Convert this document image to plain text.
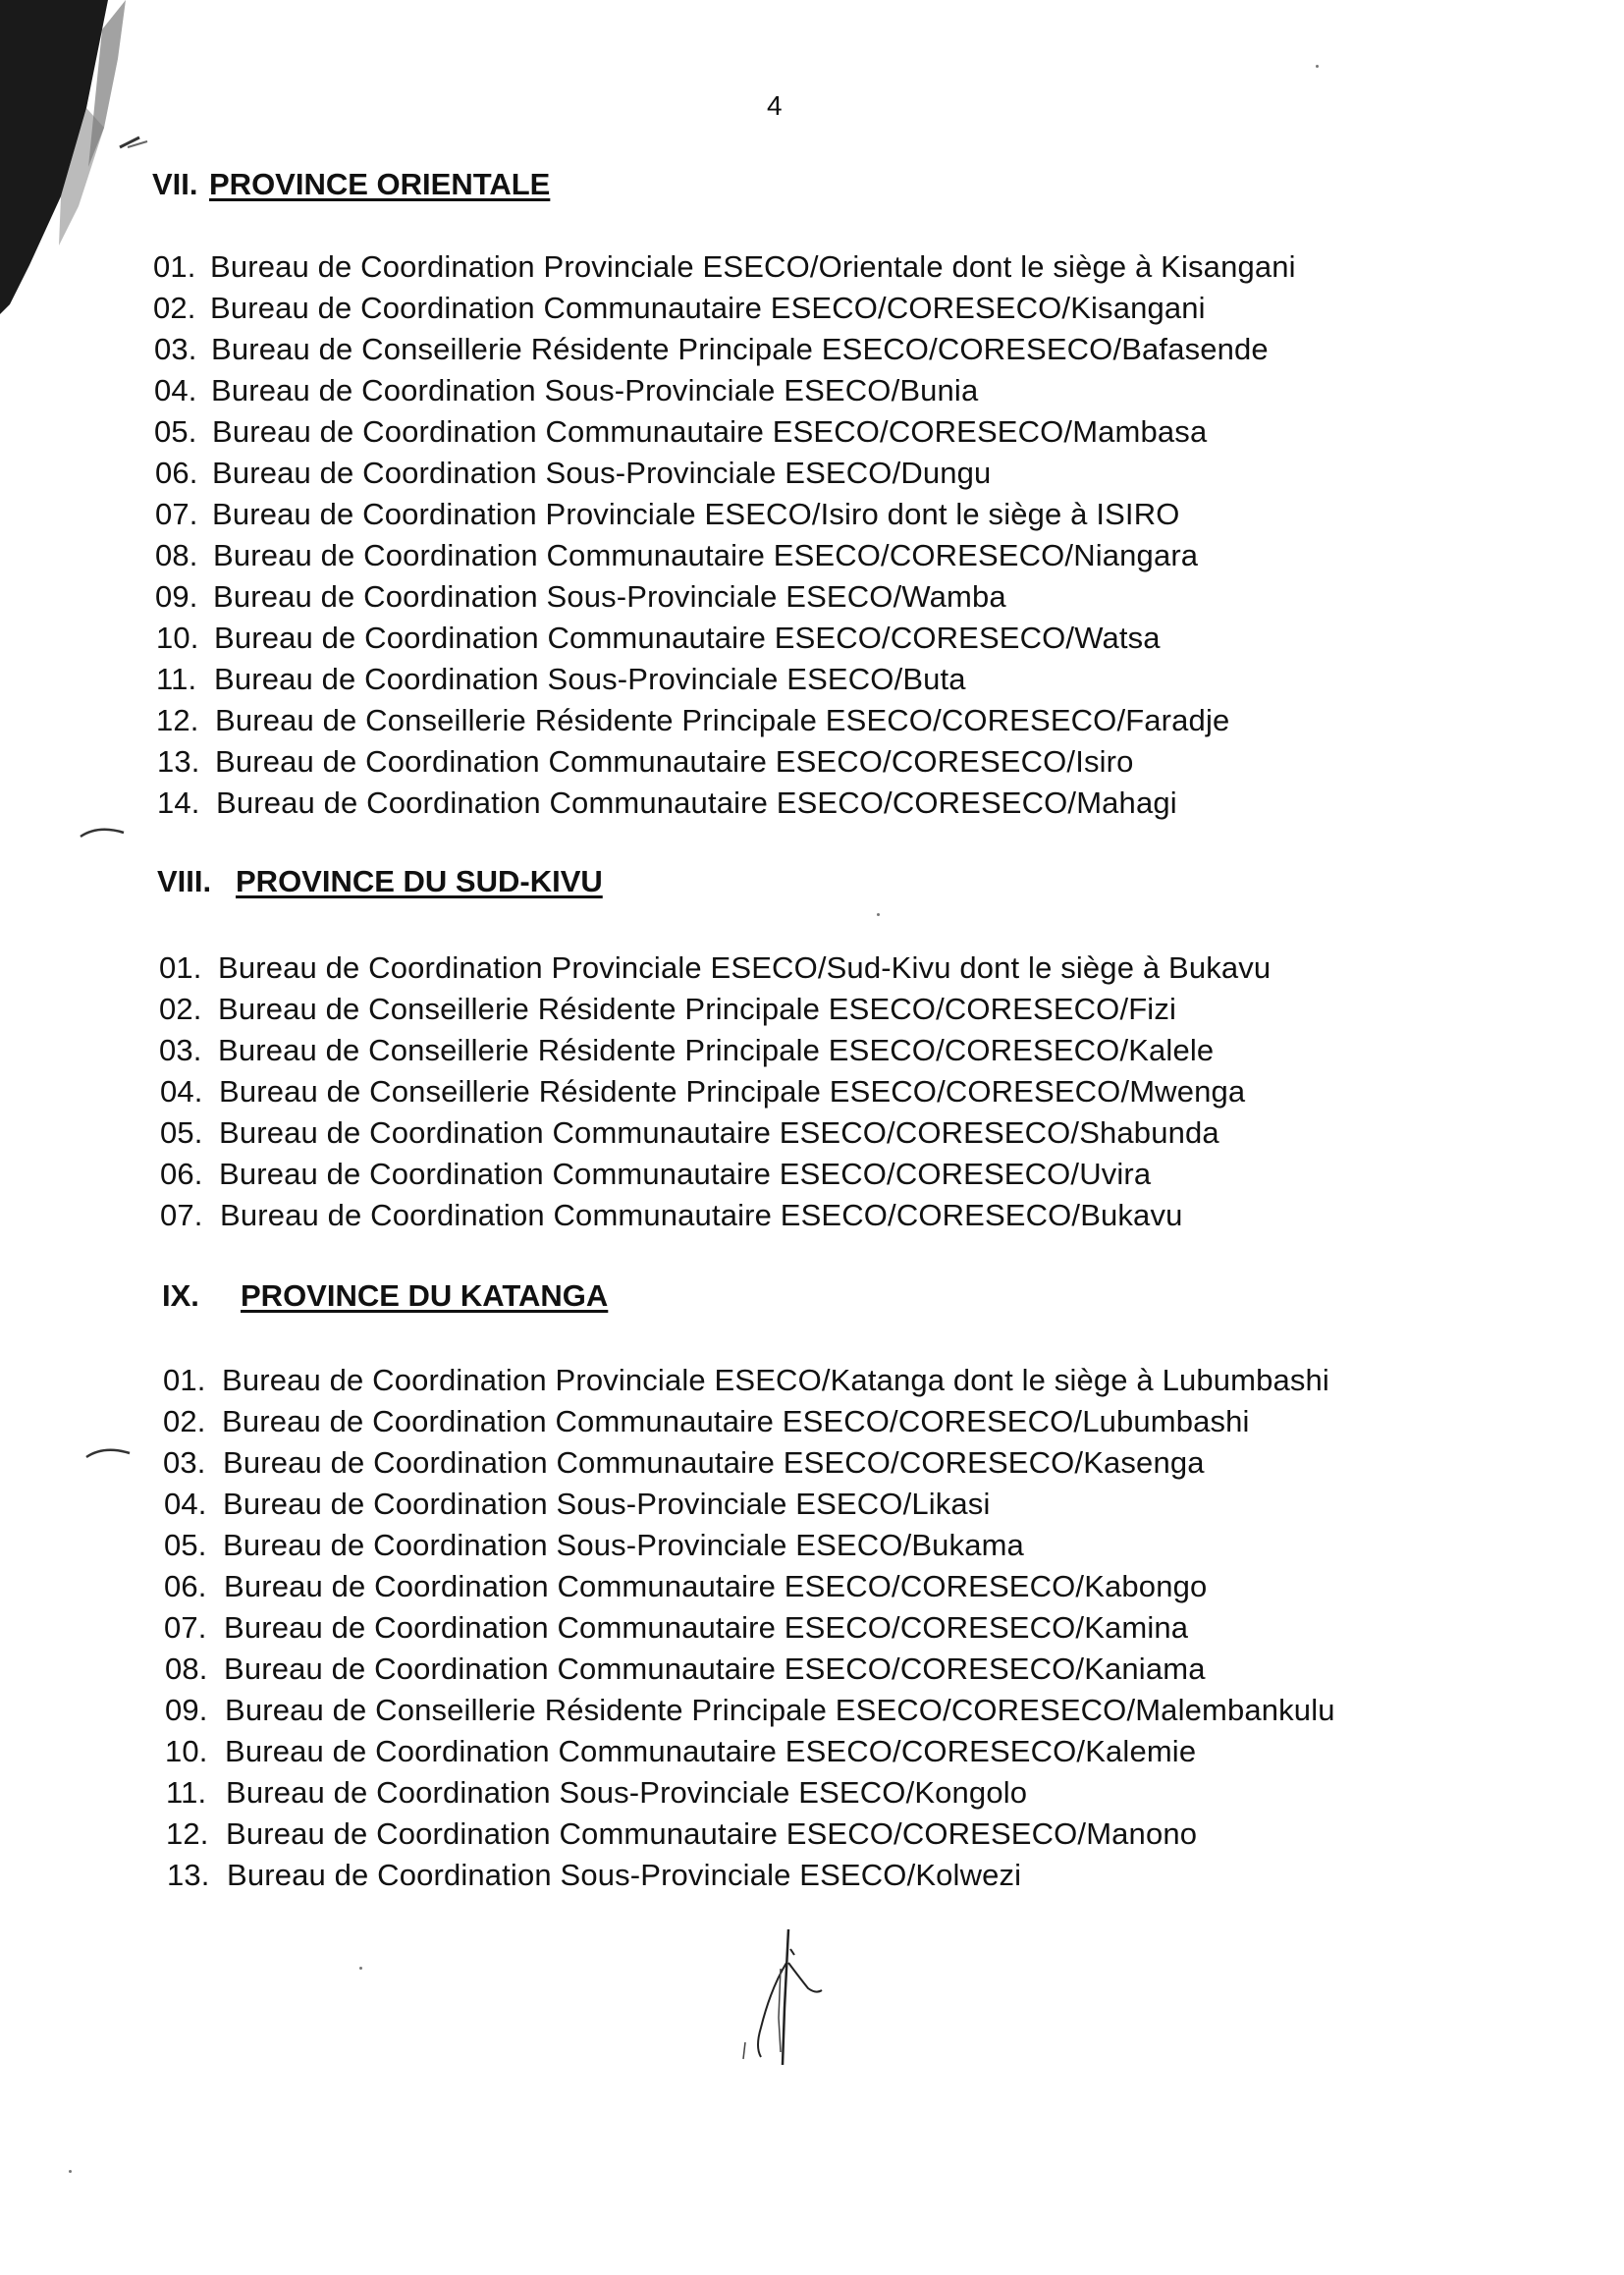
4
VII. PROVINCE ORIENTALE
01. Bureau de Coordination Provinciale ESECO/Orientale dont le siège à Kisangani
02. Bureau de Coordination Communautaire ESECO/CORESECO/Kisangani
03. Bureau de Conseillerie Résidente Principale ESECO/CORESECO/Bafasende
04. Bureau de Coordination Sous-Provinciale ESECO/Bunia
05. Bureau de Coordination Communautaire ESECO/CORESECO/Mambasa
06. Bureau de Coordination Sous-Provinciale ESECO/Dungu
07. Bureau de Coordination Provinciale ESECO/Isiro dont le siège à ISIRO
08. Bureau de Coordination Communautaire ESECO/CORESECO/Niangara
09. Bureau de Coordination Sous-Provinciale ESECO/Wamba
10. Bureau de Coordination Communautaire ESECO/CORESECO/Watsa
11. Bureau de Coordination Sous-Provinciale ESECO/Buta
12. Bureau de Conseillerie Résidente Principale ESECO/CORESECO/Faradje
13. Bureau de Coordination Communautaire ESECO/CORESECO/Isiro
14. Bureau de Coordination Communautaire ESECO/CORESECO/Mahagi
VIII. PROVINCE DU SUD-KIVU
01. Bureau de Coordination Provinciale ESECO/Sud-Kivu dont le siège à Bukavu
02. Bureau de Conseillerie Résidente Principale ESECO/CORESECO/Fizi
03. Bureau de Conseillerie Résidente Principale ESECO/CORESECO/Kalele
04. Bureau de Conseillerie Résidente Principale ESECO/CORESECO/Mwenga
05. Bureau de Coordination Communautaire ESECO/CORESECO/Shabunda
06. Bureau de Coordination Communautaire ESECO/CORESECO/Uvira
07. Bureau de Coordination Communautaire ESECO/CORESECO/Bukavu
IX. PROVINCE DU KATANGA
01. Bureau de Coordination Provinciale ESECO/Katanga dont le siège à Lubumbashi
02. Bureau de Coordination Communautaire ESECO/CORESECO/Lubumbashi
03. Bureau de Coordination Communautaire ESECO/CORESECO/Kasenga
04. Bureau de Coordination Sous-Provinciale ESECO/Likasi
05. Bureau de Coordination Sous-Provinciale ESECO/Bukama
06. Bureau de Coordination Communautaire ESECO/CORESECO/Kabongo
07. Bureau de Coordination Communautaire ESECO/CORESECO/Kamina
08. Bureau de Coordination Communautaire ESECO/CORESECO/Kaniama
09. Bureau de Conseillerie Résidente Principale ESECO/CORESECO/Malembankulu
10. Bureau de Coordination Communautaire ESECO/CORESECO/Kalemie
11. Bureau de Coordination Sous-Provinciale ESECO/Kongolo
12. Bureau de Coordination Communautaire ESECO/CORESECO/Manono
13. Bureau de Coordination Sous-Provinciale ESECO/Kolwezi
